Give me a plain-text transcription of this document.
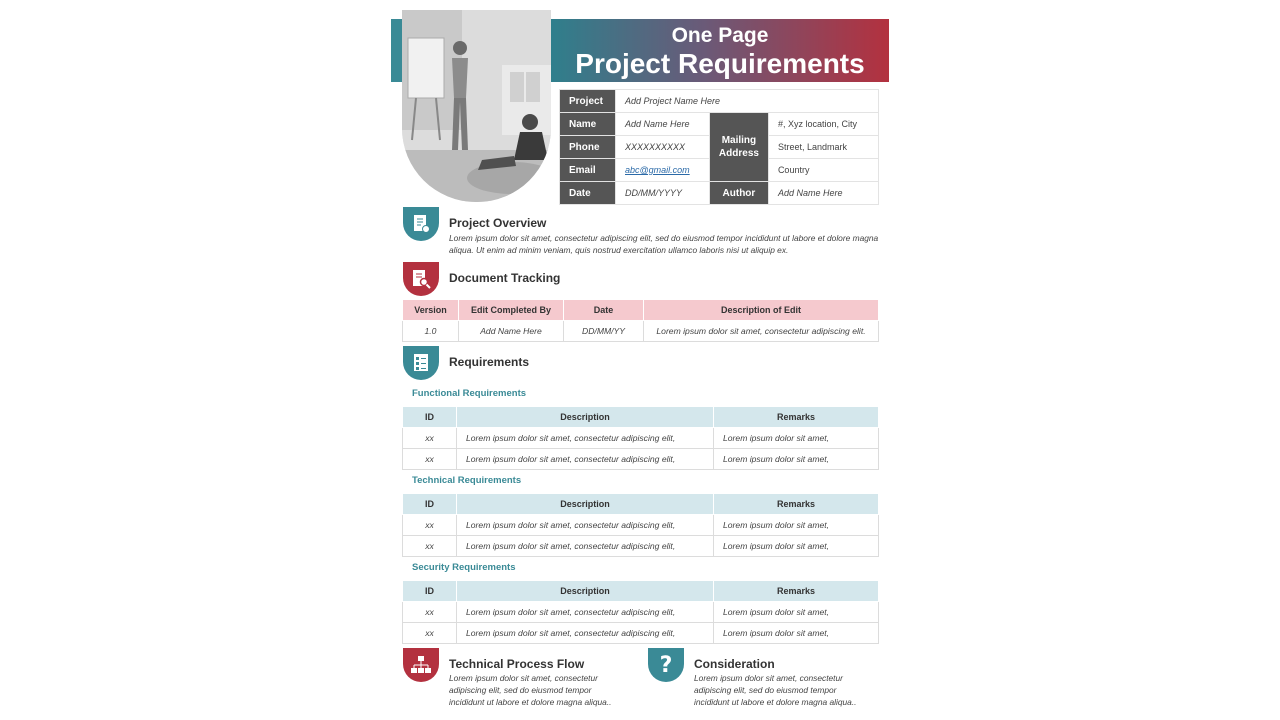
One Page
Project Requirements
Project	Add Project Name Here		
Name	Add Name Here	Mailing Address	#, Xyz location, City
Phone	XXXXXXXXXX		Street, Landmark
Email	abc@gmail.com		Country
Date	DD/MM/YYYY	Author	Add Name Here
Project Overview
Lorem ipsum dolor sit amet, consectetur adipiscing elit, sed do eiusmod tempor incididunt ut labore et dolore magna aliqua. Ut enim ad minim veniam, quis nostrud exercitation ullamco laboris nisi ut aliquip ex.
Document Tracking
Version	Edit Completed By	Date	Description of Edit
1.0	Add Name Here	DD/MM/YY	Lorem ipsum dolor sit amet, consectetur adipiscing elit.
Requirements
Functional Requirements
ID	Description	Remarks
xx	Lorem ipsum dolor sit amet, consectetur adipiscing elit,	Lorem ipsum dolor sit amet,
xx	Lorem ipsum dolor sit amet, consectetur adipiscing elit,	Lorem ipsum dolor sit amet,
Technical Requirements
ID	Description	Remarks
xx	Lorem ipsum dolor sit amet, consectetur adipiscing elit,	Lorem ipsum dolor sit amet,
xx	Lorem ipsum dolor sit amet, consectetur adipiscing elit,	Lorem ipsum dolor sit amet,
Security Requirements
ID	Description	Remarks
xx	Lorem ipsum dolor sit amet, consectetur adipiscing elit,	Lorem ipsum dolor sit amet,
xx	Lorem ipsum dolor sit amet, consectetur adipiscing elit,	Lorem ipsum dolor sit amet,
Technical Process Flow
Lorem ipsum dolor sit amet, consectetur adipiscing elit, sed do eiusmod tempor incididunt ut labore et dolore magna aliqua..
? Consideration
Lorem ipsum dolor sit amet, consectetur adipiscing elit, sed do eiusmod tempor incididunt ut labore et dolore magna aliqua..
